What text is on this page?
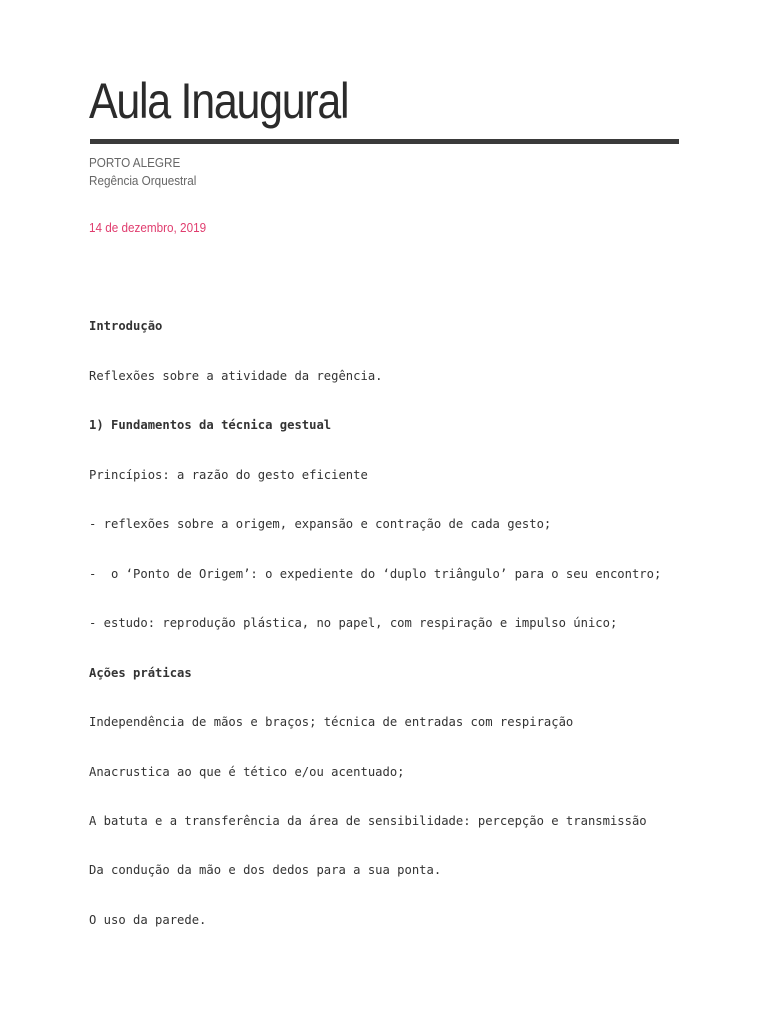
Aula Inaugural
PORTO ALEGRE
Regência Orquestral
14 de dezembro, 2019
Introdução
Reflexões sobre a atividade da regência.
1) Fundamentos da técnica gestual
Princípios: a razão do gesto eficiente
- reflexões sobre a origem, expansão e contração de cada gesto;
-  o ‘Ponto de Origem’: o expediente do ‘duplo triângulo’ para o seu encontro;
- estudo: reprodução plástica, no papel, com respiração e impulso único;
Ações práticas
Independência de mãos e braços; técnica de entradas com respiração
Anacrustica ao que é tético e/ou acentuado;
A batuta e a transferência da área de sensibilidade: percepção e transmissão
Da condução da mão e dos dedos para a sua ponta.
O uso da parede.
